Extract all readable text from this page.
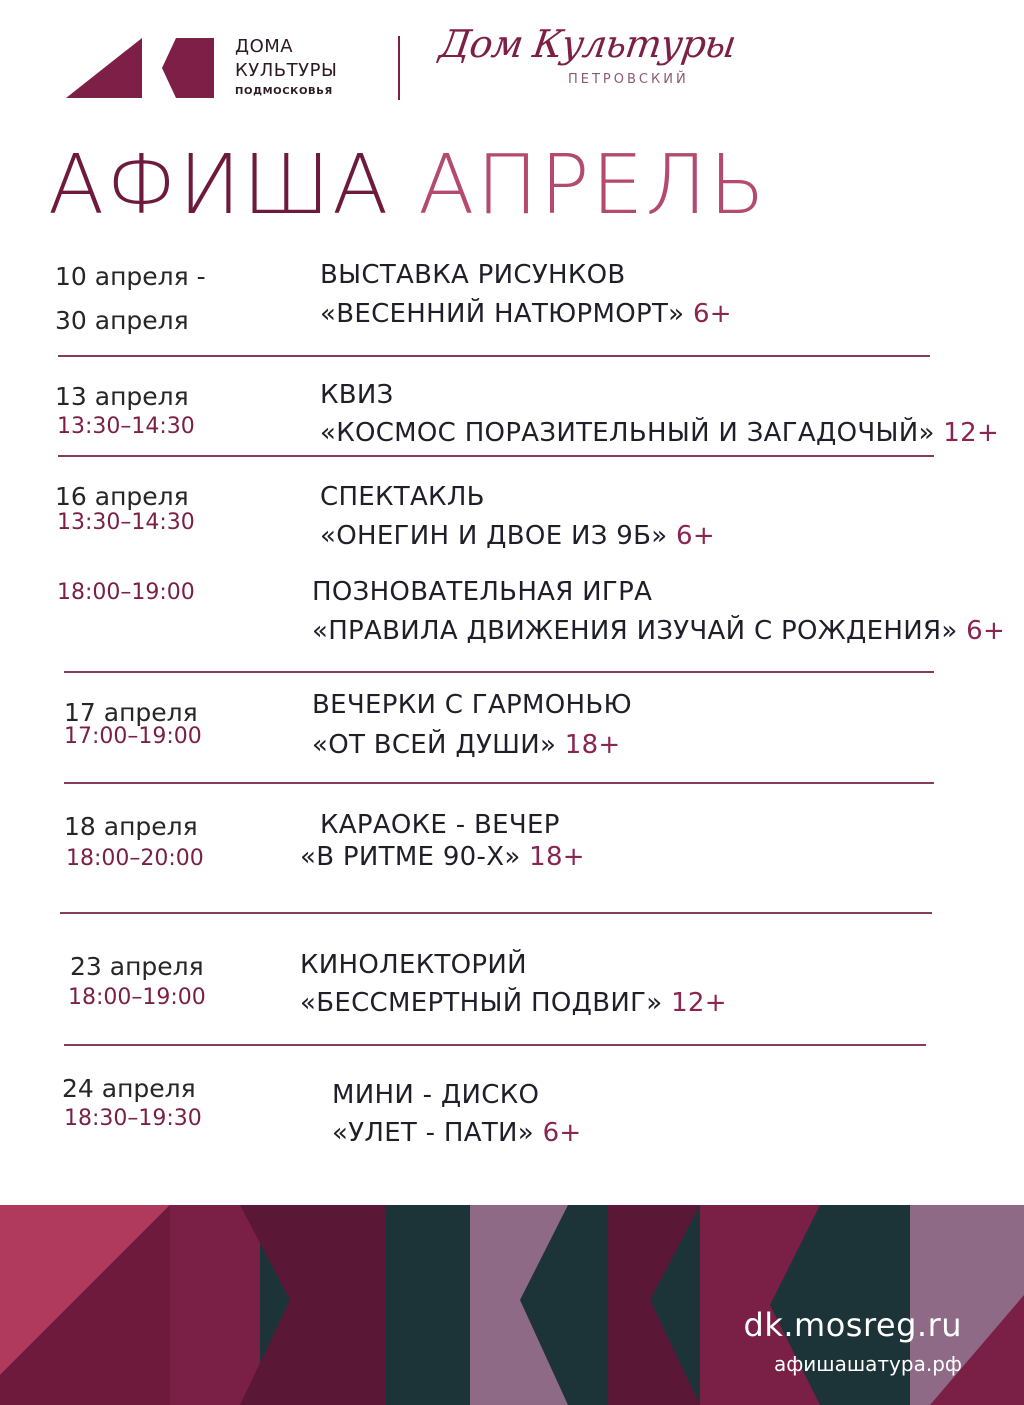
ДОМА
КУЛЬТУРЫ
ПОДМОСКОВЬЯ
Дом Культуры
ПЕТРОВСКИЙ
АФИША АПРЕЛЬ
10 апреля -
30 апреля
ВЫСТАВКА РИСУНКОВ
«ВЕСЕННИЙ НАТЮРМОРТ» 6+
13 апреля
13:30–14:30
КВИЗ
«КОСМОС ПОРАЗИТЕЛЬНЫЙ И ЗАГАДОЧЫЙ» 12+
16 апреля
13:30–14:30
СПЕКТАКЛЬ
«ОНЕГИН И ДВОЕ ИЗ 9Б» 6+
18:00–19:00	ПОЗНОВАТЕЛЬНАЯ ИГРА
«ПРАВИЛА ДВИЖЕНИЯ ИЗУЧАЙ С РОЖДЕНИЯ» 6+
17 апреля
17:00–19:00
ВЕЧЕРКИ С ГАРМОНЬЮ
«ОТ ВСЕЙ ДУШИ» 18+
18 апреля
18:00–20:00
КАРАОКЕ - ВЕЧЕР
«В РИТМЕ 90-Х» 18+
23 апреля
18:00–19:00
КИНОЛЕКТОРИЙ
«БЕССМЕРТНЫЙ ПОДВИГ» 12+
24 апреля
18:30–19:30
МИНИ - ДИСКО
«УЛЕТ - ПАТИ» 6+
dk.mosreg.ru
афишашатура.рф
